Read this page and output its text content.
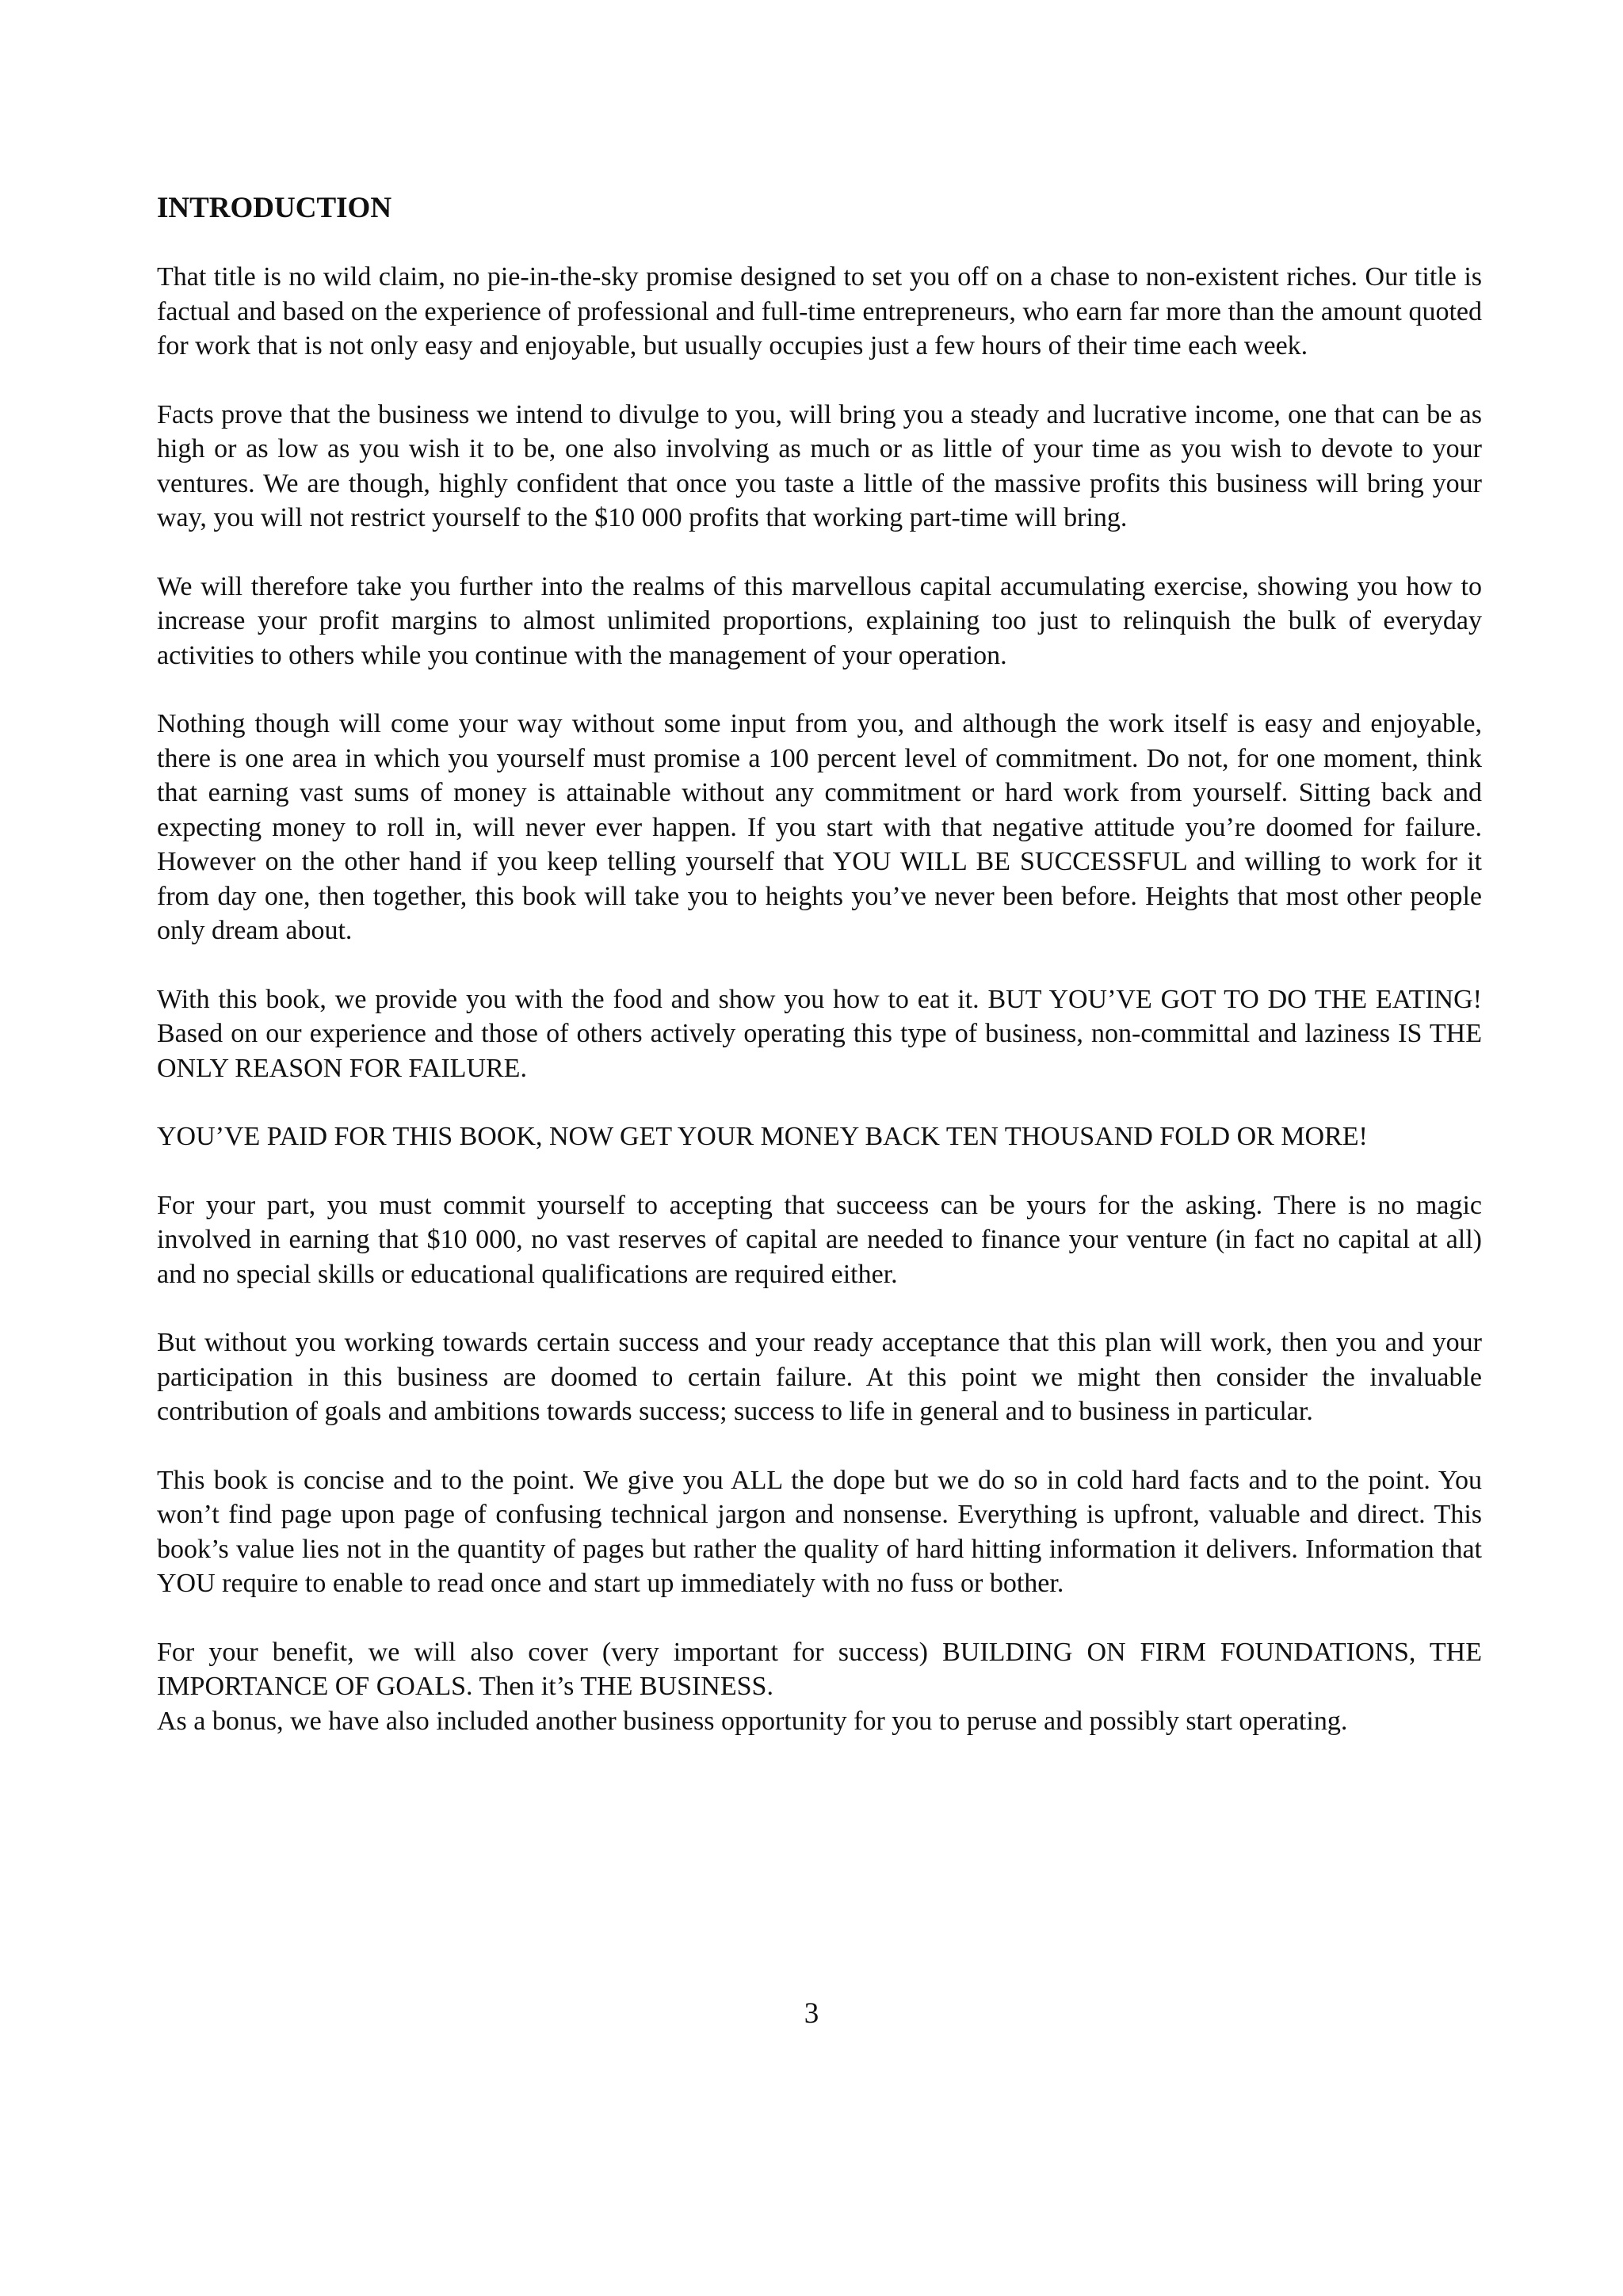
INTRODUCTION

That title is no wild claim, no pie-in-the-sky promise designed to set you off on a chase to non-existent riches. Our title is factual and based on the experience of professional and full-time entrepreneurs, who earn far more than the amount quoted for work that is not only easy and enjoyable, but usually occupies just a few hours of their time each week.

Facts prove that the business we intend to divulge to you, will bring you a steady and lucrative income, one that can be as high or as low as you wish it to be, one also involving as much or as little of your time as you wish to devote to your ventures. We are though, highly confident that once you taste a little of the massive profits this business will bring your way, you will not restrict yourself to the $10 000 profits that working part-time will bring.

We will therefore take you further into the realms of this marvellous capital accumulating exercise, showing you how to increase your profit margins to almost unlimited proportions, explaining too just to relinquish the bulk of everyday activities to others while you continue with the management of your operation.

Nothing though will come your way without some input from you, and although the work itself is easy and enjoyable, there is one area in which you yourself must promise a 100 percent level of commitment. Do not, for one moment, think that earning vast sums of money is attainable without any commitment or hard work from yourself. Sitting back and expecting money to roll in, will never ever happen. If you start with that negative attitude you’re doomed for failure. However on the other hand if you keep telling yourself that YOU WILL BE SUCCESSFUL and willing to work for it from day one, then together, this book will take you to heights you’ve never been before. Heights that most other people only dream about.

With this book, we provide you with the food and show you how to eat it. BUT YOU’VE GOT TO DO THE EATING! Based on our experience and those of others actively operating this type of business, non-committal and laziness IS THE ONLY REASON FOR FAILURE.

YOU’VE PAID FOR THIS BOOK, NOW GET YOUR MONEY BACK TEN THOUSAND FOLD OR MORE!

For your part, you must commit yourself to accepting that succeess can be yours for the asking. There is no magic involved in earning that $10 000, no vast reserves of capital are needed to finance your venture (in fact no capital at all) and no special skills or educational qualifications are required either.

But without you working towards certain success and your ready acceptance that this plan will work, then you and your participation in this business are doomed to certain failure. At this point we might then consider the invaluable contribution of goals and ambitions towards success; success to life in general and to business in particular.

This book is concise and to the point. We give you ALL the dope but we do so in cold hard facts and to the point. You won’t find page upon page of confusing technical jargon and nonsense. Everything is upfront, valuable and direct. This book’s value lies not in the quantity of pages but rather the quality of hard hitting information it delivers. Information that YOU require to enable to read once and start up immediately with no fuss or bother.

For your benefit, we will also cover (very important for success) BUILDING ON FIRM FOUNDATIONS, THE IMPORTANCE OF GOALS. Then it’s THE BUSINESS.

As a bonus, we have also included another business opportunity for you to peruse and possibly start operating.

3
